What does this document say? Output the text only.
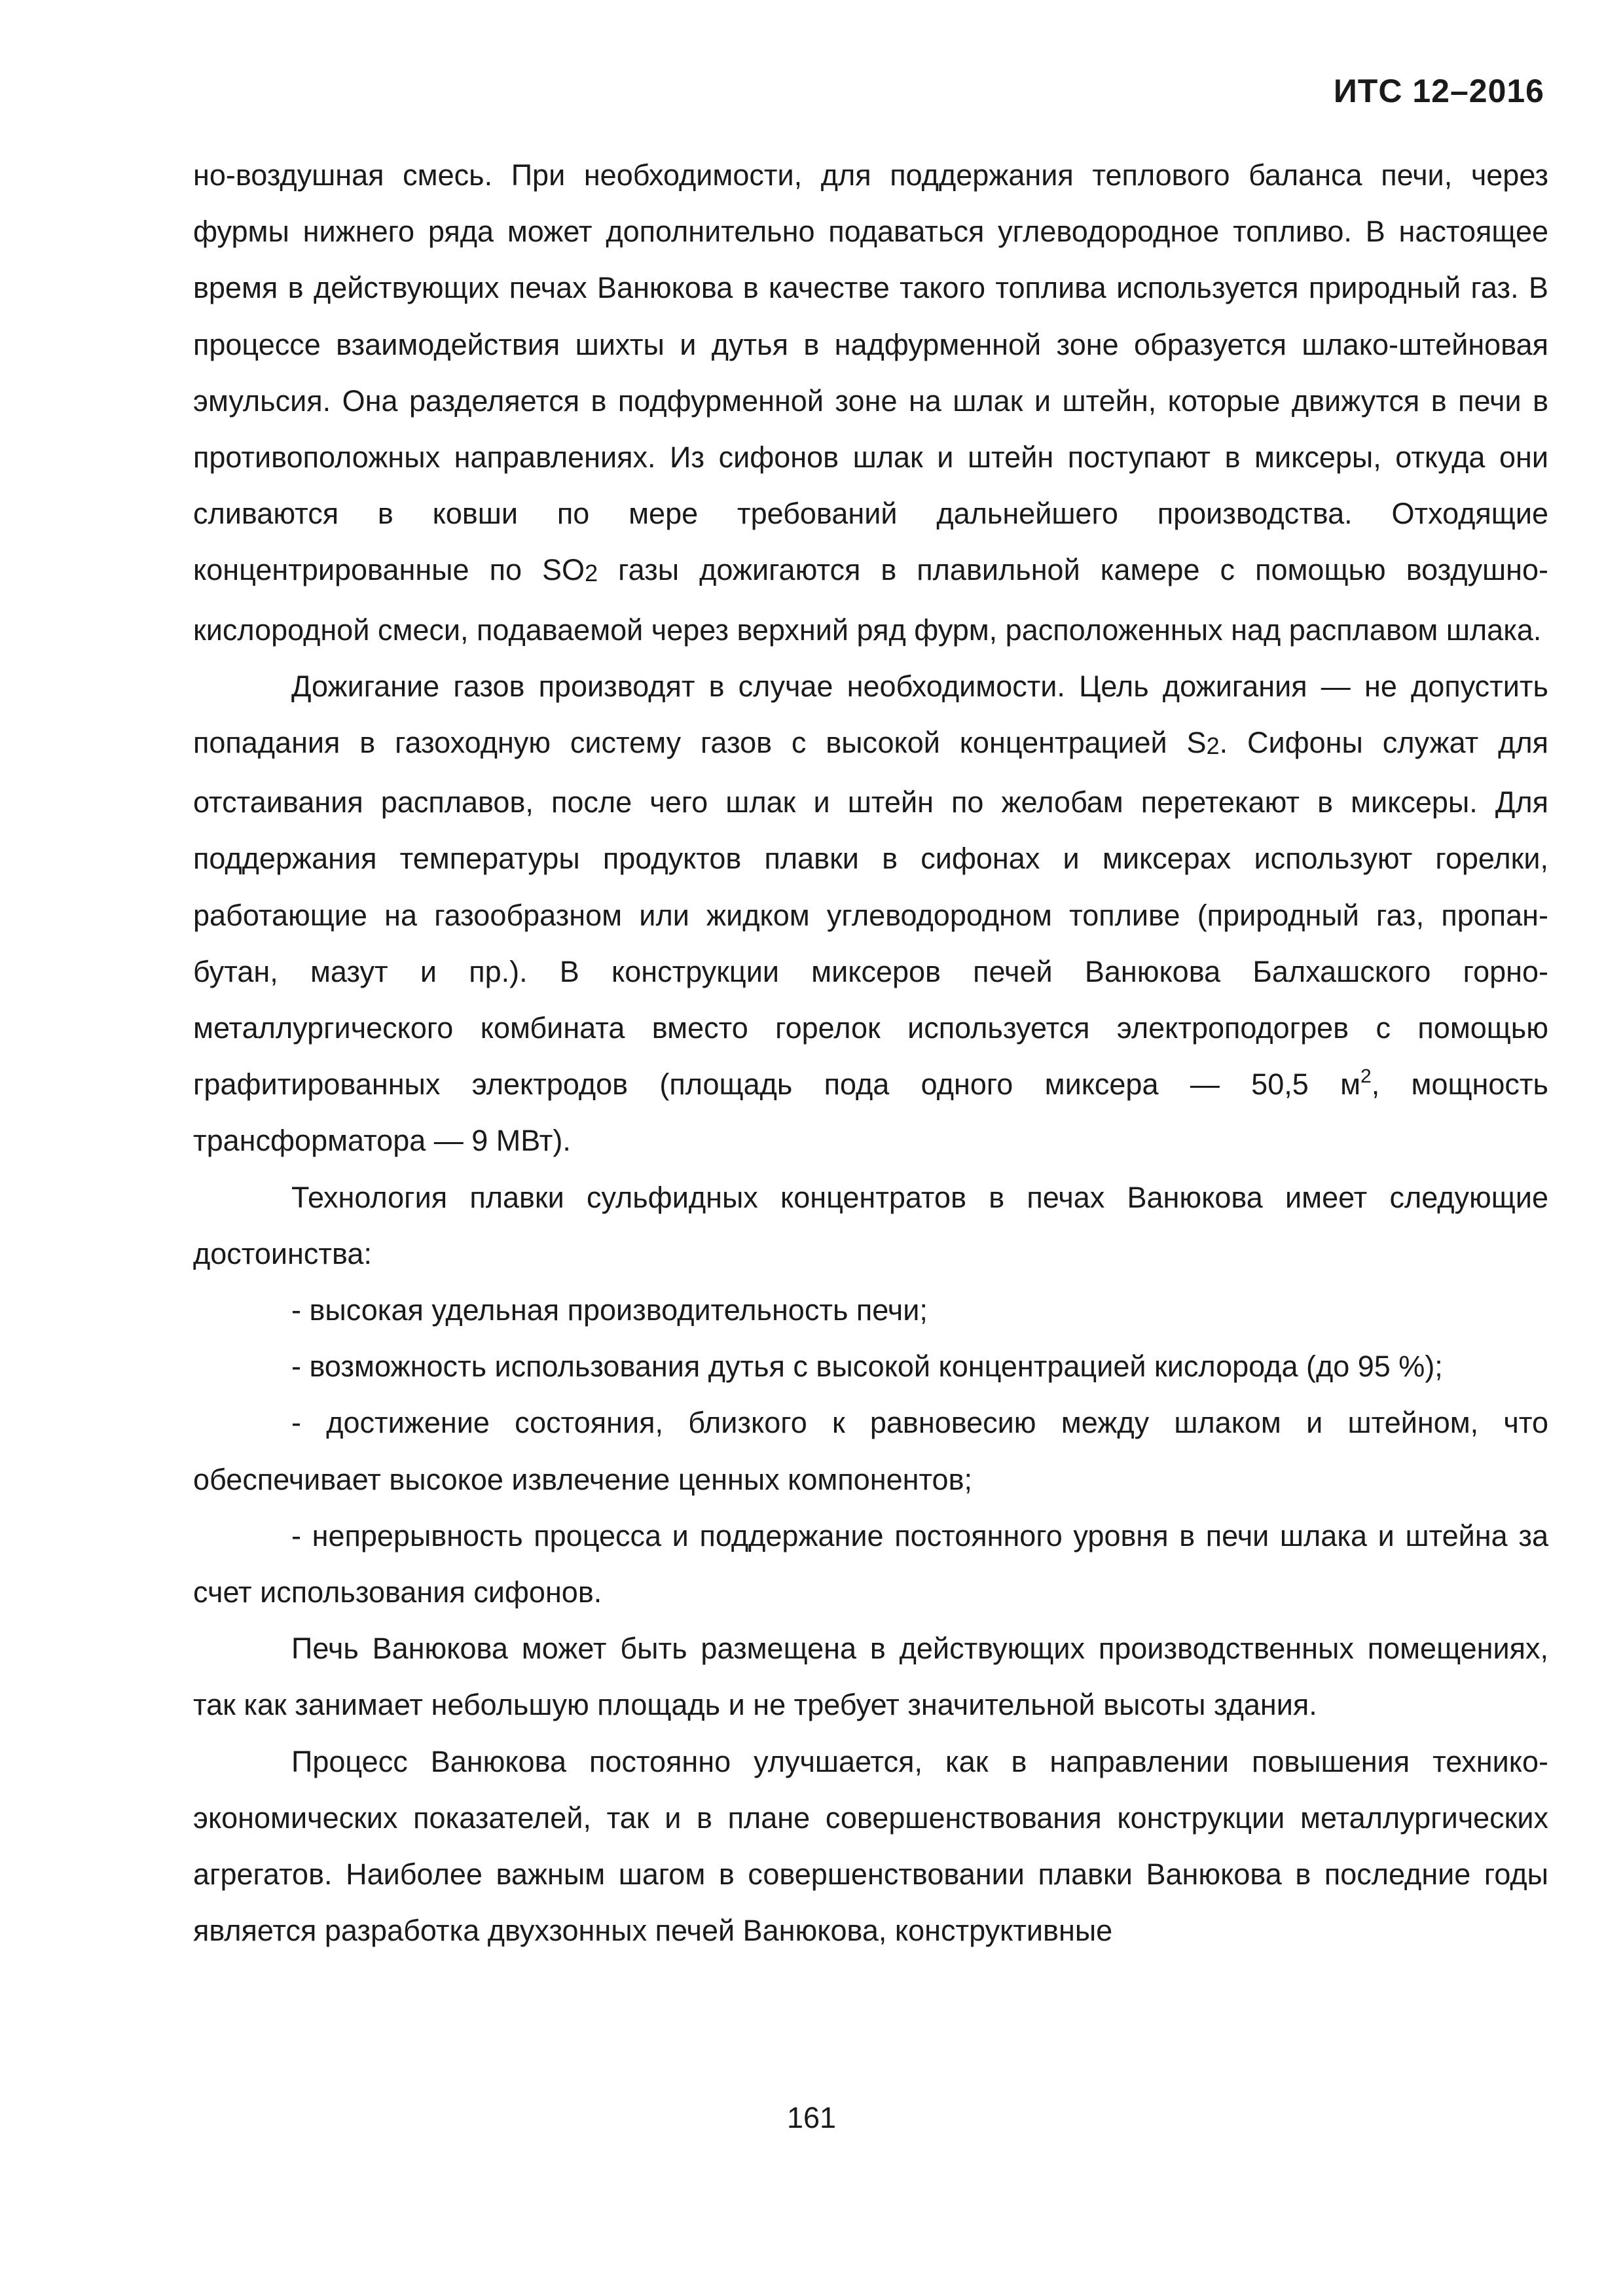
ИТС 12–2016

но-воздушная смесь. При необходимости, для поддержания теплового баланса печи, через фурмы нижнего ряда может дополнительно подаваться углеводородное топливо. В настоящее время в действующих печах Ванюкова в качестве такого топлива используется природный газ. В процессе взаимодействия шихты и дутья в надфурменной зоне образуется шлако-штейновая эмульсия. Она разделяется в подфурменной зоне на шлак и штейн, которые движутся в печи в противоположных направлениях. Из сифонов шлак и штейн поступают в миксеры, откуда они сливаются в ковши по мере требований дальнейшего производства. Отходящие концентрированные по $SO_2$ газы дожигаются в плавильной камере с помощью воздушно-кислородной смеси, подаваемой через верхний ряд фурм, расположенных над расплавом шлака.

Дожигание газов производят в случае необходимости. Цель дожигания — не допустить попадания в газоходную систему газов с высокой концентрацией $S_2$. Сифоны служат для отстаивания расплавов, после чего шлак и штейн по желобам перетекают в миксеры. Для поддержания температуры продуктов плавки в сифонах и миксерах используют горелки, работающие на газообразном или жидком углеводородном топливе (природный газ, пропан-бутан, мазут и пр.). В конструкции миксеров печей Ванюкова Балхашского горно-металлургического комбината вместо горелок используется электроподогрев с помощью графитированных электродов (площадь пода одного миксера — 50,5 $м^2$, мощность трансформатора — 9 МВт).

Технология плавки сульфидных концентратов в печах Ванюкова имеет следующие достоинства:

- высокая удельная производительность печи;

- возможность использования дутья с высокой концентрацией кислорода (до 95 %);

- достижение состояния, близкого к равновесию между шлаком и штейном, что обеспечивает высокое извлечение ценных компонентов;

- непрерывность процесса и поддержание постоянного уровня в печи шлака и штейна за счет использования сифонов.

Печь Ванюкова может быть размещена в действующих производственных помещениях, так как занимает небольшую площадь и не требует значительной высоты здания.

Процесс Ванюкова постоянно улучшается, как в направлении повышения технико-экономических показателей, так и в плане совершенствования конструкции металлургических агрегатов. Наиболее важным шагом в совершенствовании плавки Ванюкова в последние годы является разработка двухзонных печей Ванюкова, конструктивные

161
